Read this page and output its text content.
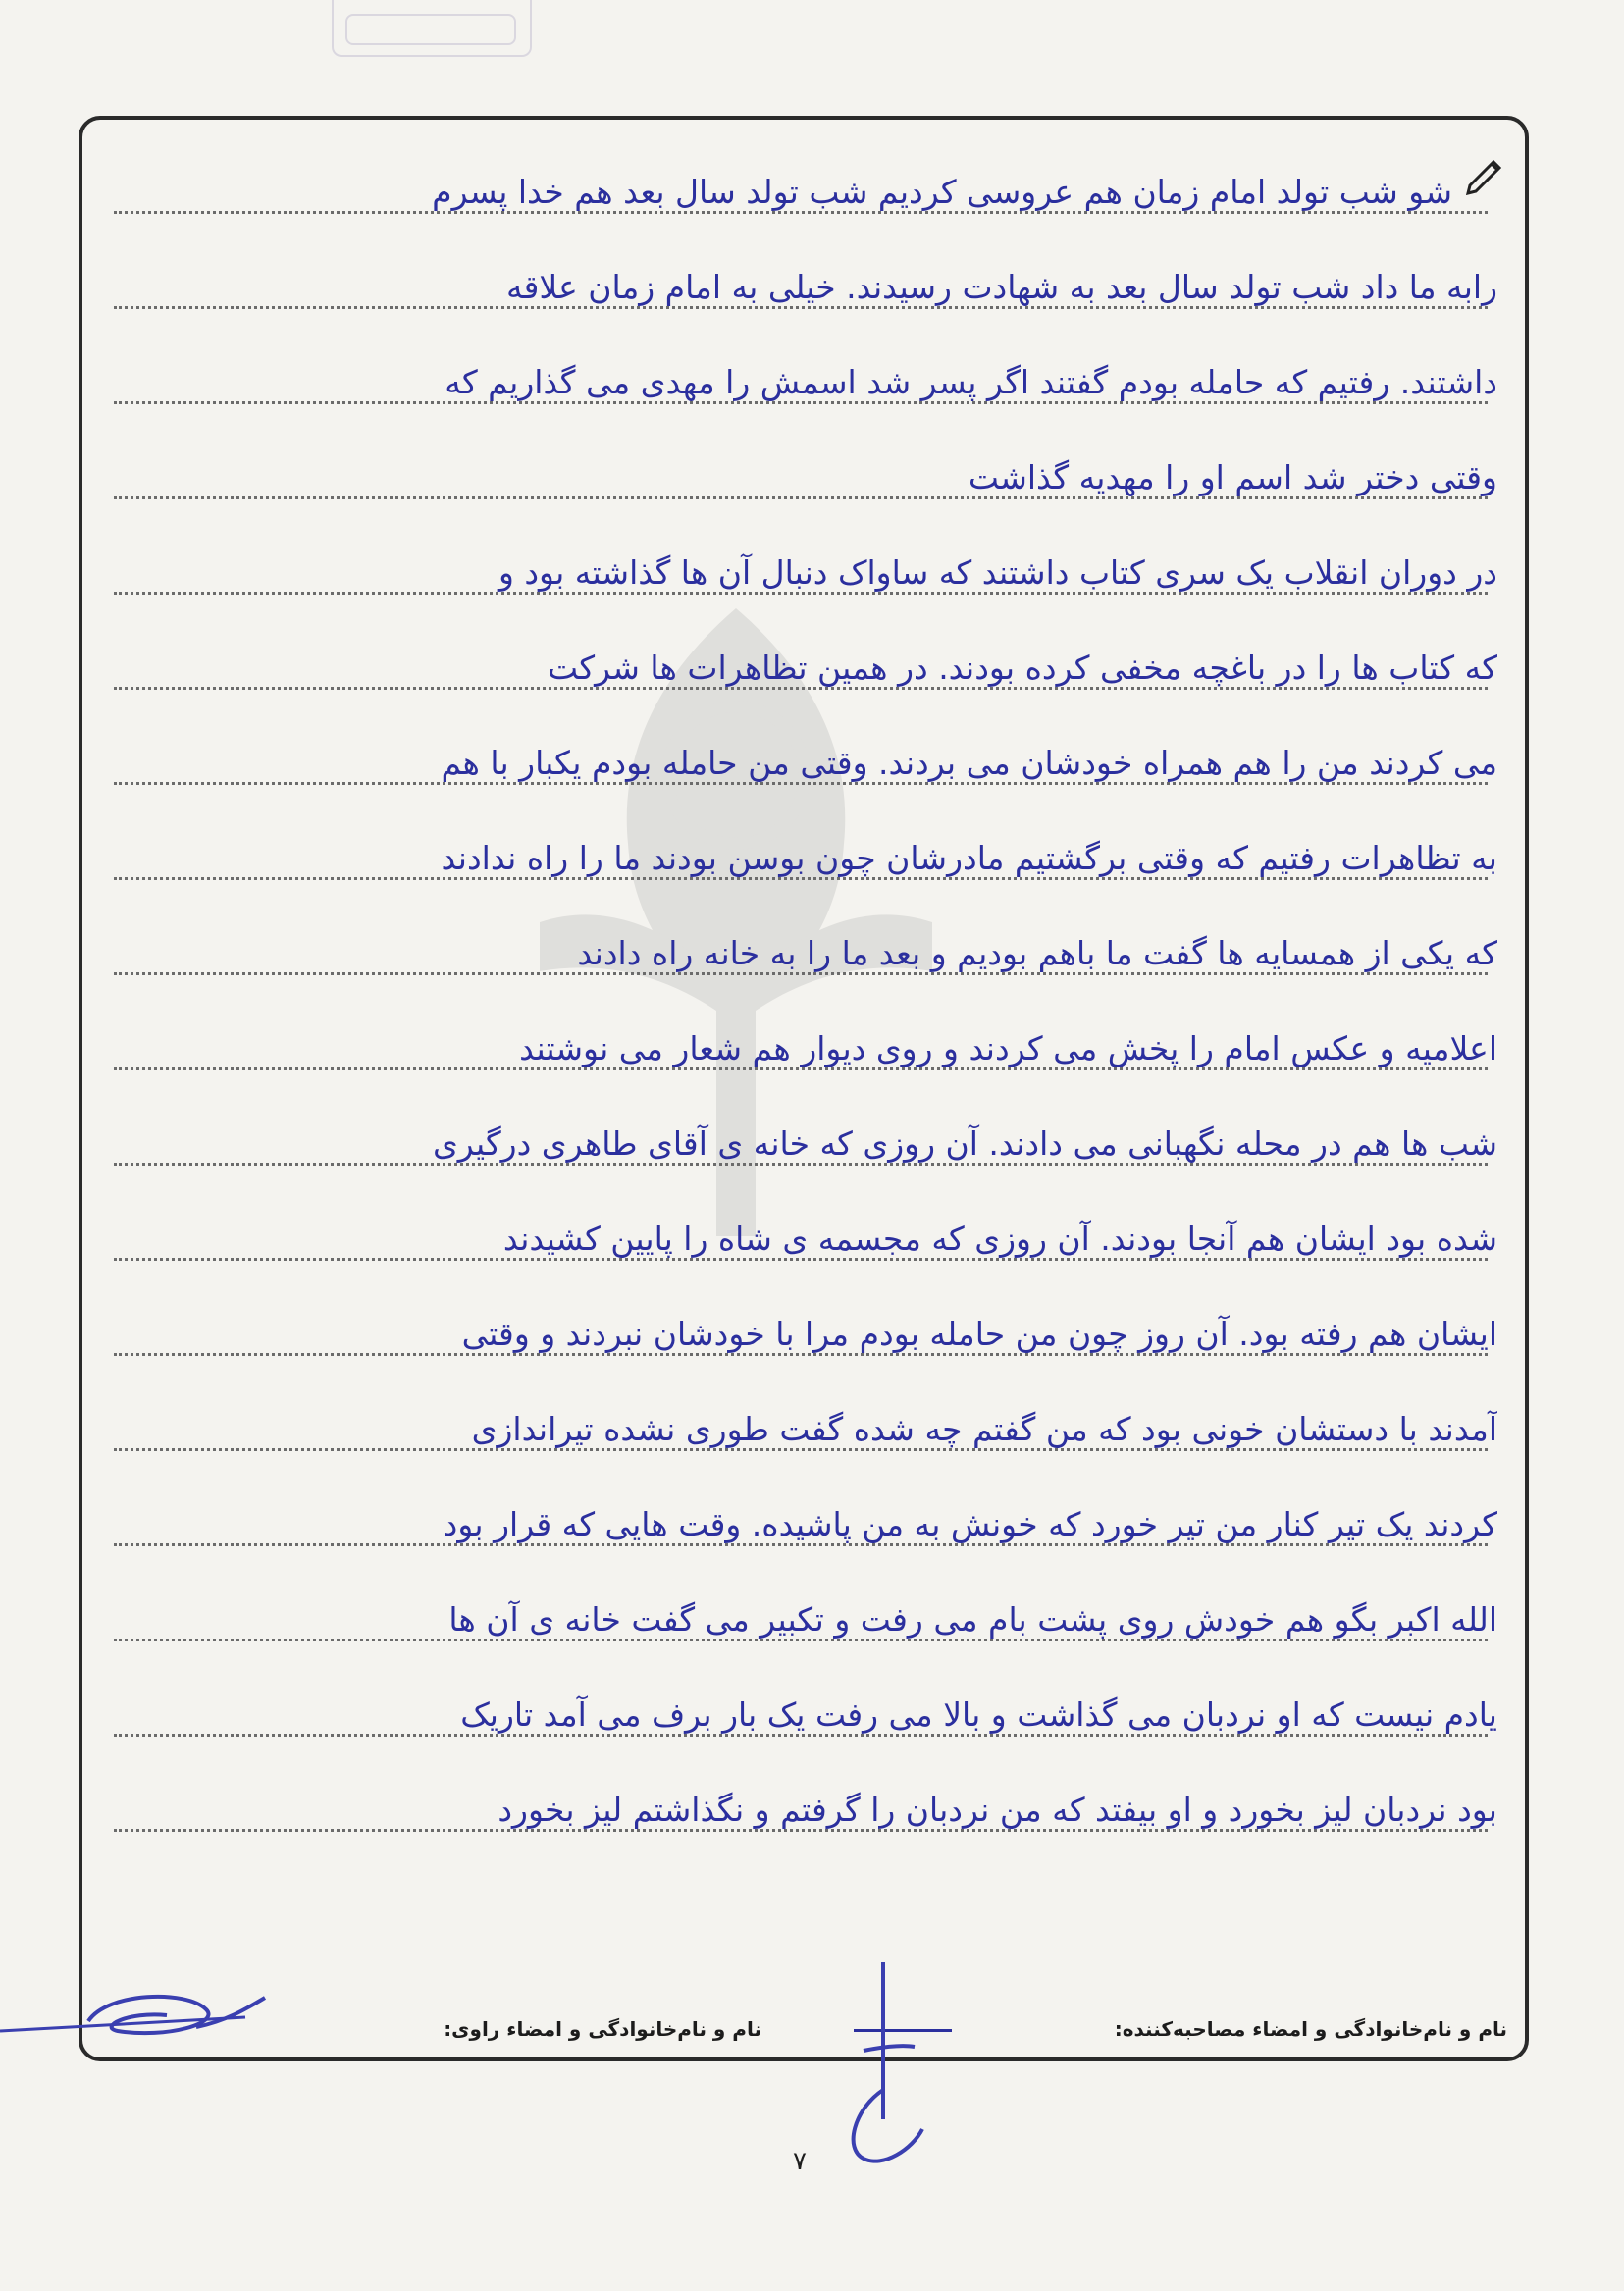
شو شب تولد امام زمان هم عروسی کردیم شب تولد سال بعد هم خدا پسرم
رابه ما داد شب تولد سال بعد به شهادت رسیدند. خیلی به امام زمان علاقه
داشتند. رفتیم که حامله بودم گفتند اگر پسر شد اسمش را مهدی می گذاریم که
وقتی دختر شد اسم او را مهدیه گذاشت
در دوران انقلاب یک سری کتاب داشتند که ساواک دنبال آن ها گذاشته بود و
که کتاب ها را در باغچه مخفی کرده بودند. در همین تظاهرات ها شرکت
می کردند من را هم همراه خودشان می بردند. وقتی من حامله بودم یکبار با هم
به تظاهرات رفتیم که وقتی برگشتیم مادرشان چون بوسن بودند ما را راه ندادند
که یکی از همسایه ها گفت ما باهم بودیم و بعد ما را به خانه راه دادند
اعلامیه و عکس امام را پخش می کردند و روی دیوار هم شعار می نوشتند
شب ها هم در محله نگهبانی می دادند. آن روزی که خانه ی آقای طاهری درگیری
شده بود ایشان هم آنجا بودند. آن روزی که مجسمه ی شاه را پایین کشیدند
ایشان هم رفته بود. آن روز چون من حامله بودم مرا با خودشان نبردند و وقتی
آمدند با دستشان خونی بود که من گفتم چه شده گفت طوری نشده تیراندازی
کردند یک تیر کنار من تیر خورد که خونش به من پاشیده. وقت هایی که قرار بود
الله اکبر بگو هم خودش روی پشت بام می رفت و تکبیر می گفت خانه ی آن ها
یادم نیست که او نردبان می گذاشت و بالا می رفت یک بار برف می آمد تاریک
بود نردبان لیز بخورد و او بیفتد که من نردبان را گرفتم و نگذاشتم لیز بخورد
نام و نام‌خانوادگی و امضاء مصاحبه‌کننده:
نام و نام‌خانوادگی و امضاء راوی:
۷
